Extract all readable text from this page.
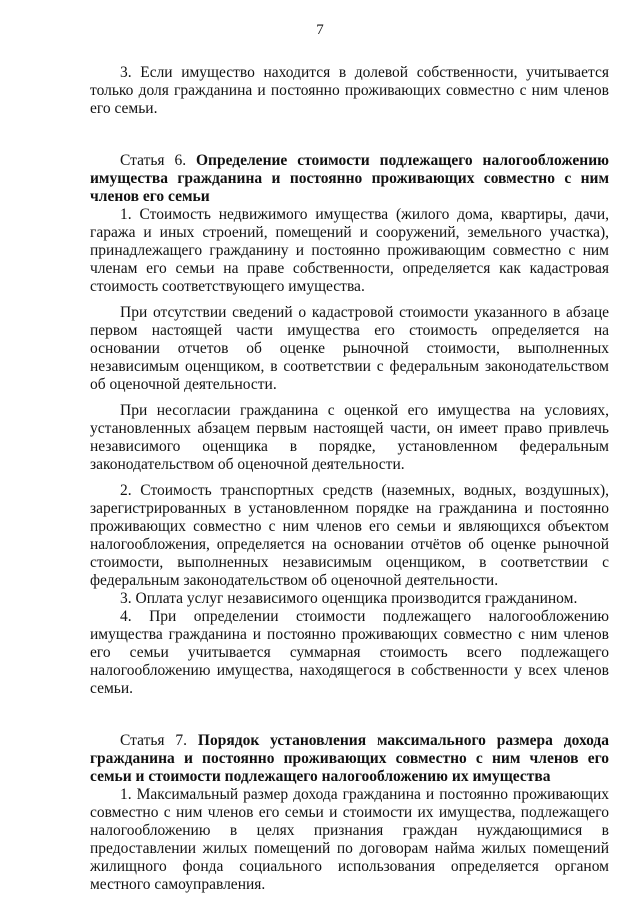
7

3. Если имущество находится в долевой собственности, учитывается только доля гражданина и постоянно проживающих совместно с ним членов его семьи.

Статья 6. Определение стоимости подлежащего налогообложению имущества гражданина и постоянно проживающих совместно с ним членов его семьи

1. Стоимость недвижимого имущества (жилого дома, квартиры, дачи, гаража и иных строений, помещений и сооружений, земельного участка), принадлежащего гражданину и постоянно проживающим совместно с ним членам его семьи на праве собственности, определяется как кадастровая стоимость соответствующего имущества.

При отсутствии сведений о кадастровой стоимости указанного в абзаце первом настоящей части имущества его стоимость определяется на основании отчетов об оценке рыночной стоимости, выполненных независимым оценщиком, в соответствии с федеральным законодательством об оценочной деятельности.

При несогласии гражданина с оценкой его имущества на условиях, установленных абзацем первым настоящей части, он имеет право привлечь независимого оценщика в порядке, установленном федеральным законодательством об оценочной деятельности.

2. Стоимость транспортных средств (наземных, водных, воздушных), зарегистрированных в установленном порядке на гражданина и постоянно проживающих совместно с ним членов его семьи и являющихся объектом налогообложения, определяется на основании отчётов об оценке рыночной стоимости, выполненных независимым оценщиком, в соответствии с федеральным законодательством об оценочной деятельности.

3. Оплата услуг независимого оценщика производится гражданином.

4. При определении стоимости подлежащего налогообложению имущества гражданина и постоянно проживающих совместно с ним членов его семьи учитывается суммарная стоимость всего подлежащего налогообложению имущества, находящегося в собственности у всех членов семьи.

Статья 7. Порядок установления максимального размера дохода гражданина и постоянно проживающих совместно с ним членов его семьи и стоимости подлежащего налогообложению их имущества

1. Максимальный размер дохода гражданина и постоянно проживающих совместно с ним членов его семьи и стоимости их имущества, подлежащего налогообложению в целях признания граждан нуждающимися в предоставлении жилых помещений по договорам найма жилых помещений жилищного фонда социального использования определяется органом местного самоуправления.
